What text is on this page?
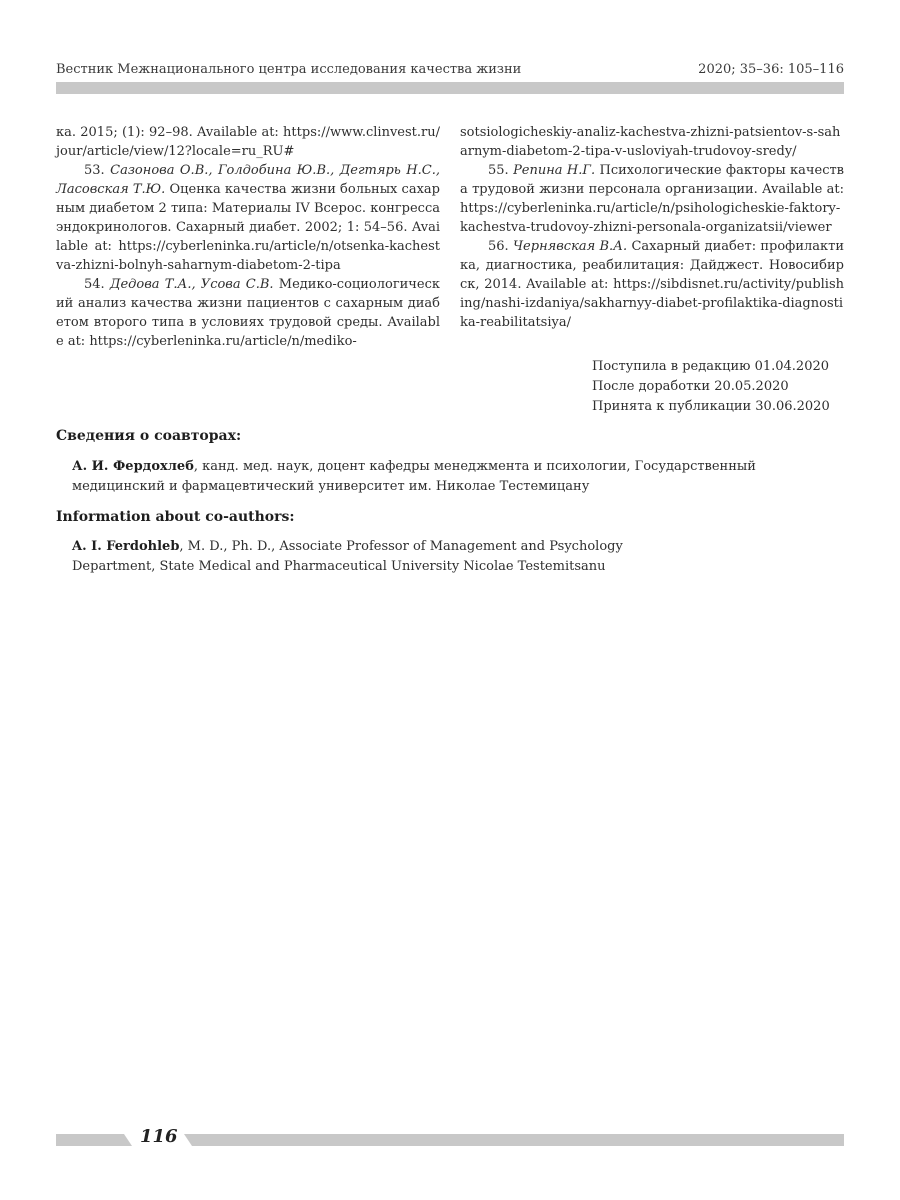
Вестник Межнационального центра исследования качества жизни	2020; 35–36: 105–116

ка. 2015; (1): 92–98. Available at: https://www.clinvest.ru/jour/article/view/12?locale=ru_RU#

53. Сазонова О.В., Голдобина Ю.В., Дегтярь Н.С., Ласовская Т.Ю. Оценка качества жизни больных сахарным диабетом 2 типа: Материалы IV Всерос. конгресса эндокринологов. Сахарный диабет. 2002; 1: 54–56. Available at: https://cyberleninka.ru/article/n/otsenka-kachestva-zhizni-bolnyh-saharnym-diabetom-2-tipa

54. Дедова Т.А., Усова С.В. Медико-социологический анализ качества жизни пациентов с сахарным диабетом второго типа в условиях трудовой среды. Available at: https://cyberleninka.ru/article/n/mediko-

sotsiologicheskiy-analiz-kachestva-zhizni-patsientov-s-saharnym-diabetom-2-tipa-v-usloviyah-trudovoy-sredy/

55. Репина Н.Г. Психологические факторы качества трудовой жизни персонала организации. Available at: https://cyberleninka.ru/article/n/psihologicheskie-faktory-kachestva-trudovoy-zhizni-personala-organizatsii/viewer

56. Чернявская В.А. Сахарный диабет: профилактика, диагностика, реабилитация: Дайджест. Новосибирск, 2014. Available at: https://sibdisnet.ru/activity/publishing/nashi-izdaniya/sakharnyy-diabet-profilaktika-diagnostika-reabilitatsiya/

Поступила в редакцию 01.04.2020
После доработки 20.05.2020
Принята к публикации 30.06.2020
Сведения о соавторах:
А. И. Фердохлеб, канд. мед. наук, доцент кафедры менеджмента и психологии, Государственный медицинский и фармацевтический университет им. Николае Тестемицану
Information about co-authors:
A. I. Ferdohleb, M. D., Ph. D., Associate Professor of Management and Psychology Department, State Medical and Pharmaceutical University Nicolae Testemitsanu
116
